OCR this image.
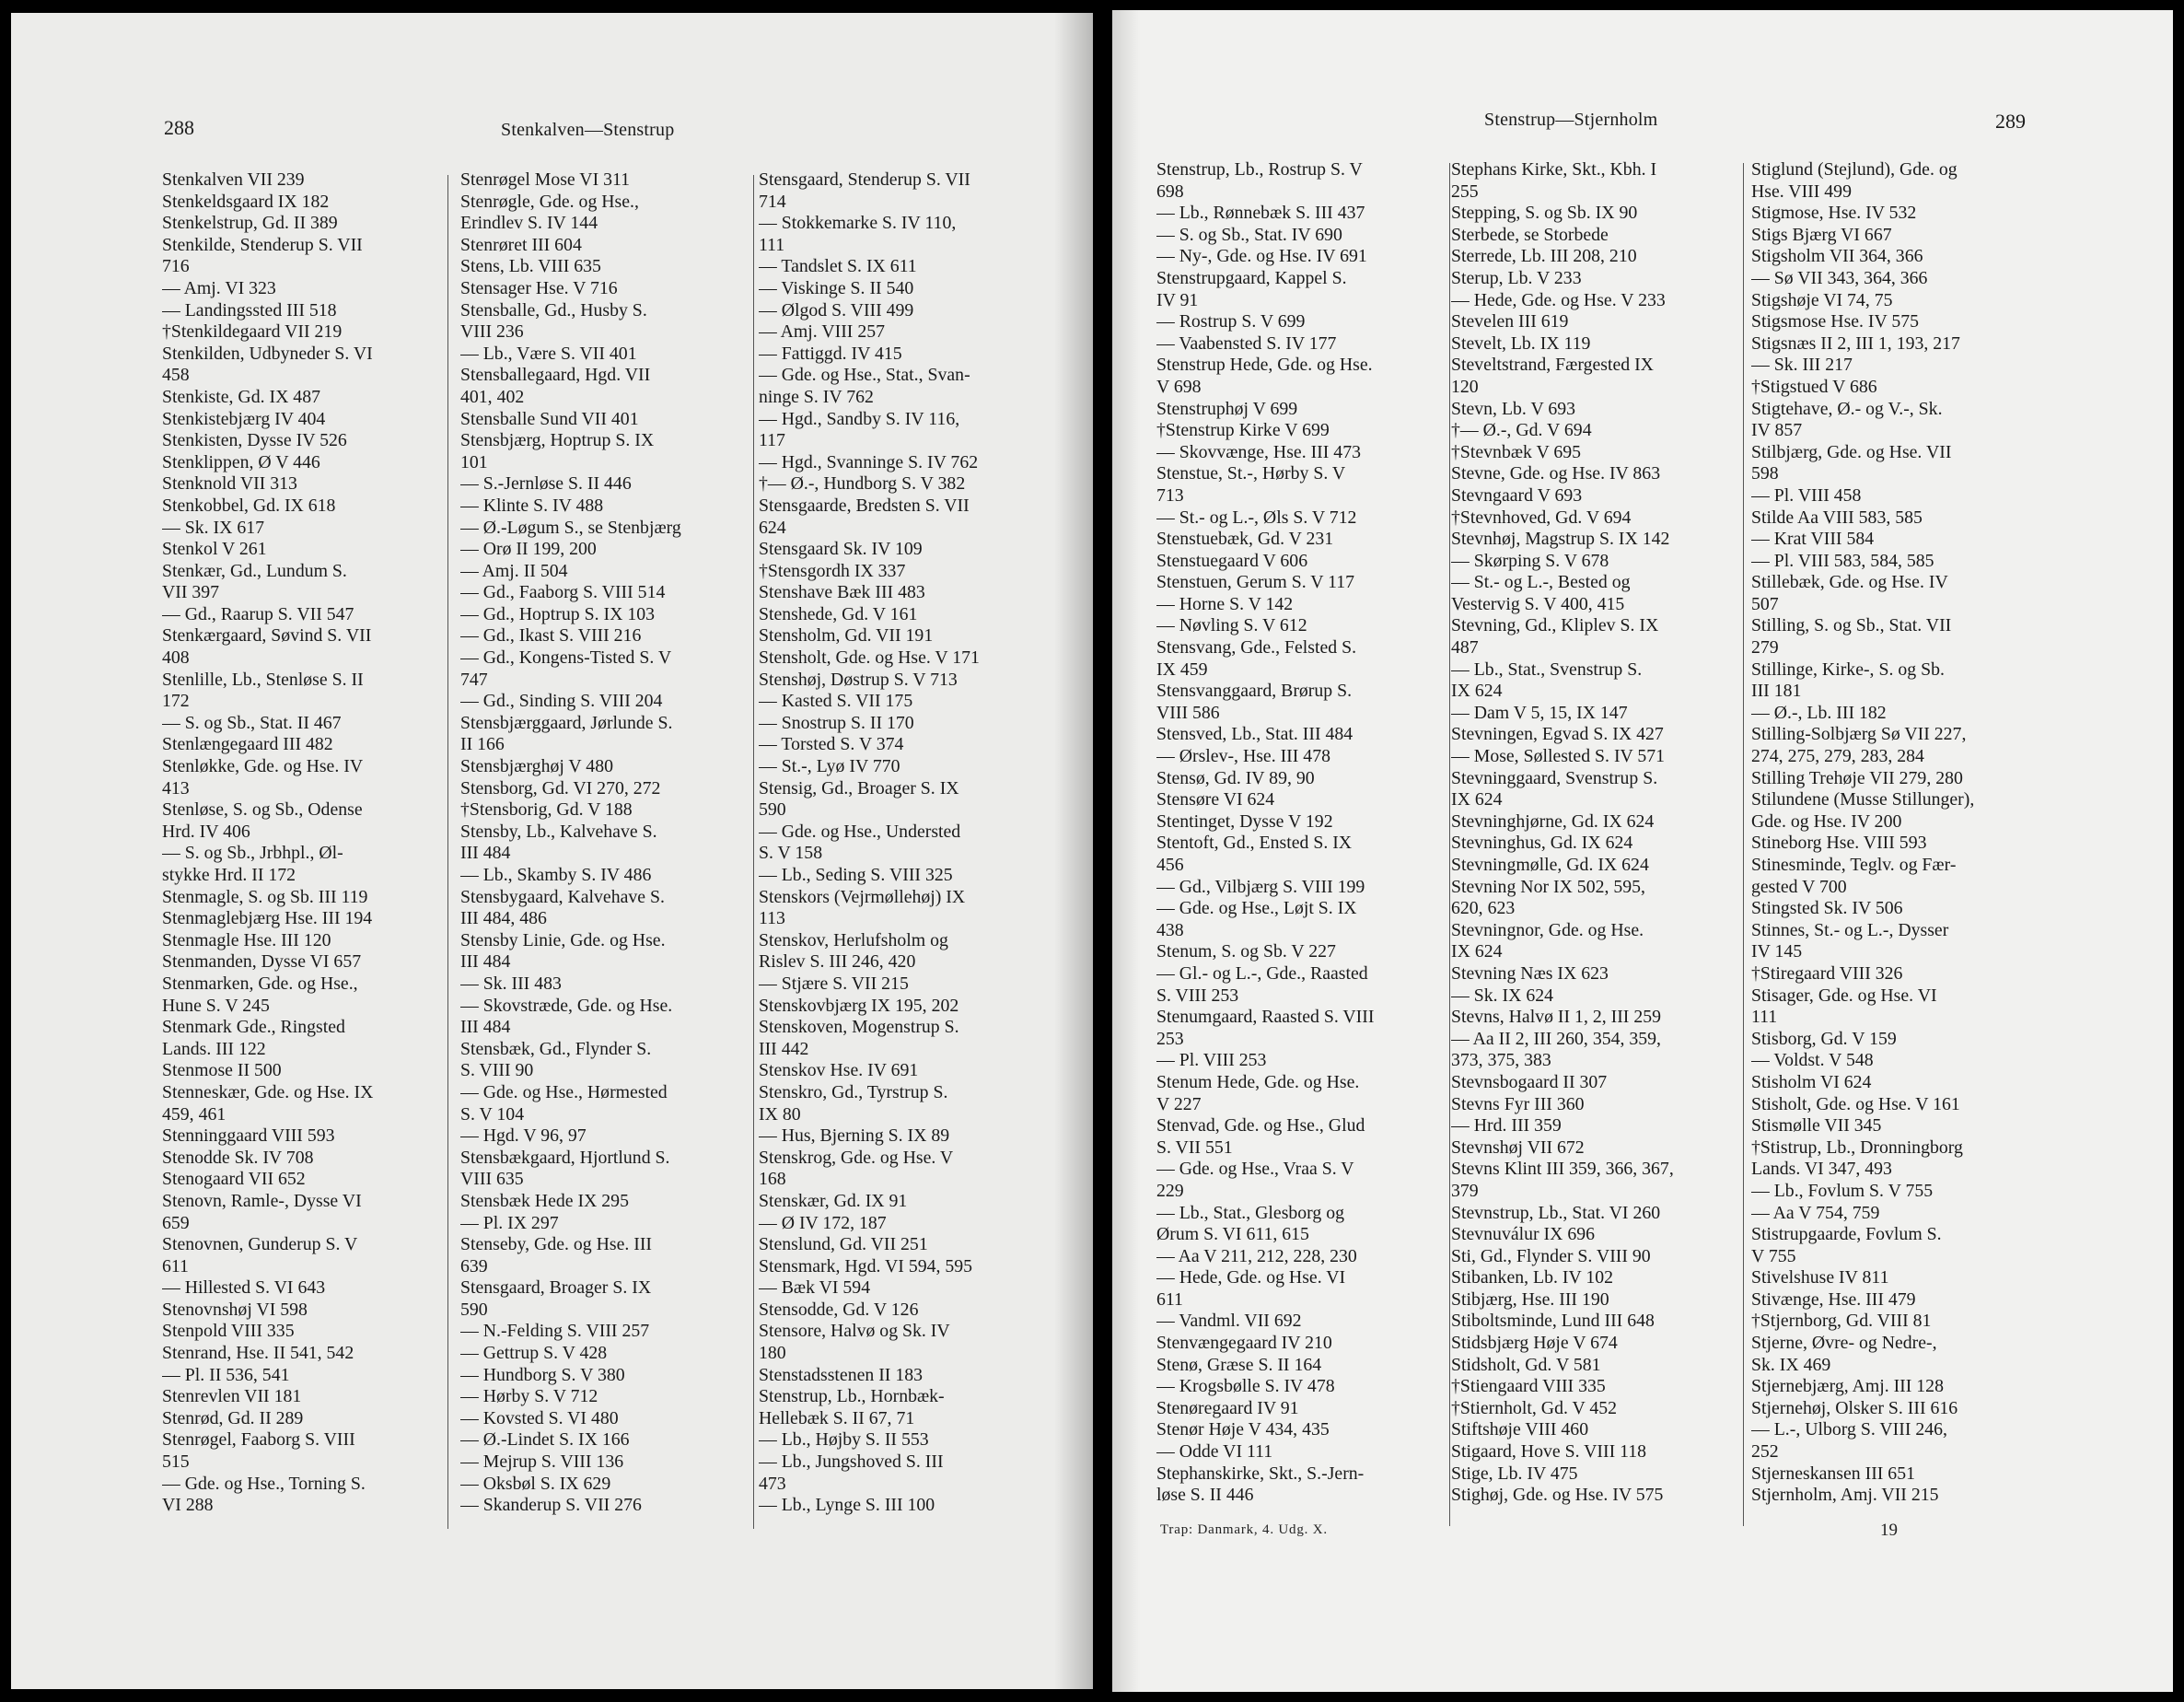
288	Stenkalven—Stenstrup
Stenkalven VII 239
Stenkeldsgaard IX 182
Stenkelstrup, Gd. II 389
Stenkilde, Stenderup S. VII
716
— Amj. VI 323
— Landingssted III 518
†Stenkildegaard VII 219
Stenkilden, Udbyneder S. VI
458
Stenkiste, Gd. IX 487
Stenkistebjærg IV 404
Stenkisten, Dysse IV 526
Stenklippen, Ø V 446
Stenknold VII 313
Stenkobbel, Gd. IX 618
— Sk. IX 617
Stenkol V 261
Stenkær, Gd., Lundum S.
VII 397
— Gd., Raarup S. VII 547
Stenkærgaard, Søvind S. VII
408
Stenlille, Lb., Stenløse S. II
172
— S. og Sb., Stat. II 467
Stenlængegaard III 482
Stenløkke, Gde. og Hse. IV
413
Stenløse, S. og Sb., Odense
Hrd. IV 406
— S. og Sb., Jrbhpl., Øl-
stykke Hrd. II 172
Stenmagle, S. og Sb. III 119
Stenmaglebjærg Hse. III 194
Stenmagle Hse. III 120
Stenmanden, Dysse VI 657
Stenmarken, Gde. og Hse.,
Hune S. V 245
Stenmark Gde., Ringsted
Lands. III 122
Stenmose II 500
Stenneskær, Gde. og Hse. IX
459, 461
Stenninggaard VIII 593
Stenodde Sk. IV 708
Stenogaard VII 652
Stenovn, Ramle-, Dysse VI
659
Stenovnen, Gunderup S. V
611
— Hillested S. VI 643
Stenovnshøj VI 598
Stenpold VIII 335
Stenrand, Hse. II 541, 542
— Pl. II 536, 541
Stenrevlen VII 181
Stenrød, Gd. II 289
Stenrøgel, Faaborg S. VIII
515
— Gde. og Hse., Torning S.
VI 288
Stenrøgel Mose VI 311
Stenrøgle, Gde. og Hse.,
Erindlev S. IV 144
Stenrøret III 604
Stens, Lb. VIII 635
Stensager Hse. V 716
Stensballe, Gd., Husby S.
VIII 236
— Lb., Være S. VII 401
Stensballegaard, Hgd. VII
401, 402
Stensballe Sund VII 401
Stensbjærg, Hoptrup S. IX
101
— S.-Jernløse S. II 446
— Klinte S. IV 488
— Ø.-Løgum S., se Stenbjærg
— Orø II 199, 200
— Amj. II 504
— Gd., Faaborg S. VIII 514
— Gd., Hoptrup S. IX 103
— Gd., Ikast S. VIII 216
— Gd., Kongens-Tisted S. V
747
— Gd., Sinding S. VIII 204
Stensbjærggaard, Jørlunde S.
II 166
Stensbjærghøj V 480
Stensborg, Gd. VI 270, 272
†Stensborig, Gd. V 188
Stensby, Lb., Kalvehave S.
III 484
— Lb., Skamby S. IV 486
Stensbygaard, Kalvehave S.
III 484, 486
Stensby Linie, Gde. og Hse.
III 484
— Sk. III 483
— Skovstræde, Gde. og Hse.
III 484
Stensbæk, Gd., Flynder S.
S. VIII 90
— Gde. og Hse., Hørmested
S. V 104
— Hgd. V 96, 97
Stensbækgaard, Hjortlund S.
VIII 635
Stensbæk Hede IX 295
— Pl. IX 297
Stenseby, Gde. og Hse. III
639
Stensgaard, Broager S. IX
590
— N.-Felding S. VIII 257
— Gettrup S. V 428
— Hundborg S. V 380
— Hørby S. V 712
— Kovsted S. VI 480
— Ø.-Lindet S. IX 166
— Mejrup S. VIII 136
— Oksbøl S. IX 629
— Skanderup S. VII 276
Stensgaard, Stenderup S. VII
714
— Stokkemarke S. IV 110,
111
— Tandslet S. IX 611
— Viskinge S. II 540
— Ølgod S. VIII 499
— Amj. VIII 257
— Fattiggd. IV 415
— Gde. og Hse., Stat., Svan-
ninge S. IV 762
— Hgd., Sandby S. IV 116,
117
— Hgd., Svanninge S. IV 762
†— Ø.-, Hundborg S. V 382
Stensgaarde, Bredsten S. VII
624
Stensgaard Sk. IV 109
†Stensgordh IX 337
Stenshave Bæk III 483
Stenshede, Gd. V 161
Stensholm, Gd. VII 191
Stensholt, Gde. og Hse. V 171
Stenshøj, Døstrup S. V 713
— Kasted S. VII 175
— Snostrup S. II 170
— Torsted S. V 374
— St.-, Lyø IV 770
Stensig, Gd., Broager S. IX
590
— Gde. og Hse., Understed
S. V 158
— Lb., Seding S. VIII 325
Stenskors (Vejrmøllehøj) IX
113
Stenskov, Herlufsholm og
Rislev S. III 246, 420
— Stjære S. VII 215
Stenskovbjærg IX 195, 202
Stenskoven, Mogenstrup S.
III 442
Stenskov Hse. IV 691
Stenskro, Gd., Tyrstrup S.
IX 80
— Hus, Bjerning S. IX 89
Stenskrog, Gde. og Hse. V
168
Stenskær, Gd. IX 91
— Ø IV 172, 187
Stenslund, Gd. VII 251
Stensmark, Hgd. VI 594, 595
— Bæk VI 594
Stensodde, Gd. V 126
Stensore, Halvø og Sk. IV
180
Stenstadsstenen II 183
Stenstrup, Lb., Hornbæk-
Hellebæk S. II 67, 71
— Lb., Højby S. II 553
— Lb., Jungshoved S. III
473
— Lb., Lynge S. III 100
Stenstrup—Stjernholm	289
Stenstrup, Lb., Rostrup S. V
698
— Lb., Rønnebæk S. III 437
— S. og Sb., Stat. IV 690
— Ny-, Gde. og Hse. IV 691
Stenstrupgaard, Kappel S.
IV 91
— Rostrup S. V 699
— Vaabensted S. IV 177
Stenstrup Hede, Gde. og Hse.
V 698
Stenstruphøj V 699
†Stenstrup Kirke V 699
— Skovvænge, Hse. III 473
Stenstue, St.-, Hørby S. V
713
— St.- og L.-, Øls S. V 712
Stenstuebæk, Gd. V 231
Stenstuegaard V 606
Stenstuen, Gerum S. V 117
— Horne S. V 142
— Nøvling S. V 612
Stensvang, Gde., Felsted S.
IX 459
Stensvanggaard, Brørup S.
VIII 586
Stensved, Lb., Stat. III 484
— Ørslev-, Hse. III 478
Stensø, Gd. IV 89, 90
Stensøre VI 624
Stentinget, Dysse V 192
Stentoft, Gd., Ensted S. IX
456
— Gd., Vilbjærg S. VIII 199
— Gde. og Hse., Løjt S. IX
438
Stenum, S. og Sb. V 227
— Gl.- og L.-, Gde., Raasted
S. VIII 253
Stenumgaard, Raasted S. VIII
253
— Pl. VIII 253
Stenum Hede, Gde. og Hse.
V 227
Stenvad, Gde. og Hse., Glud
S. VII 551
— Gde. og Hse., Vraa S. V
229
— Lb., Stat., Glesborg og
Ørum S. VI 611, 615
— Aa V 211, 212, 228, 230
— Hede, Gde. og Hse. VI
611
— Vandml. VII 692
Stenvængegaard IV 210
Stenø, Græse S. II 164
— Krogsbølle S. IV 478
Stenøregaard IV 91
Stenør Høje V 434, 435
— Odde VI 111
Stephanskirke, Skt., S.-Jern-
løse S. II 446
Stephans Kirke, Skt., Kbh. I
255
Stepping, S. og Sb. IX 90
Sterbede, se Storbede
Sterrede, Lb. III 208, 210
Sterup, Lb. V 233
— Hede, Gde. og Hse. V 233
Stevelen III 619
Stevelt, Lb. IX 119
Steveltstrand, Færgested IX
120
Stevn, Lb. V 693
†— Ø.-, Gd. V 694
†Stevnbæk V 695
Stevne, Gde. og Hse. IV 863
Stevngaard V 693
†Stevnhoved, Gd. V 694
Stevnhøj, Magstrup S. IX 142
— Skørping S. V 678
— St.- og L.-, Bested og
Vestervig S. V 400, 415
Stevning, Gd., Kliplev S. IX
487
— Lb., Stat., Svenstrup S.
IX 624
— Dam V 5, 15, IX 147
Stevningen, Egvad S. IX 427
— Mose, Søllested S. IV 571
Stevninggaard, Svenstrup S.
IX 624
Stevninghjørne, Gd. IX 624
Stevninghus, Gd. IX 624
Stevningmølle, Gd. IX 624
Stevning Nor IX 502, 595,
620, 623
Stevningnor, Gde. og Hse.
IX 624
Stevning Næs IX 623
— Sk. IX 624
Stevns, Halvø II 1, 2, III 259
— Aa II 2, III 260, 354, 359,
373, 375, 383
Stevnsbogaard II 307
Stevns Fyr III 360
— Hrd. III 359
Stevnshøj VII 672
Stevns Klint III 359, 366, 367,
379
Stevnstrup, Lb., Stat. VI 260
Stevnuválur IX 696
Sti, Gd., Flynder S. VIII 90
Stibanken, Lb. IV 102
Stibjærg, Hse. III 190
Stiboltsminde, Lund III 648
Stidsbjærg Høje V 674
Stidsholt, Gd. V 581
†Stiengaard VIII 335
†Stiernholt, Gd. V 452
Stiftshøje VIII 460
Stigaard, Hove S. VIII 118
Stige, Lb. IV 475
Stighøj, Gde. og Hse. IV 575
Stiglund (Stejlund), Gde. og
Hse. VIII 499
Stigmose, Hse. IV 532
Stigs Bjærg VI 667
Stigsholm VII 364, 366
— Sø VII 343, 364, 366
Stigshøje VI 74, 75
Stigsmose Hse. IV 575
Stigsnæs II 2, III 1, 193, 217
— Sk. III 217
†Stigstued V 686
Stigtehave, Ø.- og V.-, Sk.
IV 857
Stilbjærg, Gde. og Hse. VII
598
— Pl. VIII 458
Stilde Aa VIII 583, 585
— Krat VIII 584
— Pl. VIII 583, 584, 585
Stillebæk, Gde. og Hse. IV
507
Stilling, S. og Sb., Stat. VII
279
Stillinge, Kirke-, S. og Sb.
III 181
— Ø.-, Lb. III 182
Stilling-Solbjærg Sø VII 227,
274, 275, 279, 283, 284
Stilling Trehøje VII 279, 280
Stilundene (Musse Stillunger),
Gde. og Hse. IV 200
Stineborg Hse. VIII 593
Stinesminde, Teglv. og Fær-
gested V 700
Stingsted Sk. IV 506
Stinnes, St.- og L.-, Dysser
IV 145
†Stiregaard VIII 326
Stisager, Gde. og Hse. VI
111
Stisborg, Gd. V 159
— Voldst. V 548
Stisholm VI 624
Stisholt, Gde. og Hse. V 161
Stismølle VII 345
†Stistrup, Lb., Dronningborg
Lands. VI 347, 493
— Lb., Fovlum S. V 755
— Aa V 754, 759
Stistrupgaarde, Fovlum S.
V 755
Stivelshuse IV 811
Stivænge, Hse. III 479
†Stjernborg, Gd. VIII 81
Stjerne, Øvre- og Nedre-,
Sk. IX 469
Stjernebjærg, Amj. III 128
Stjernehøj, Olsker S. III 616
— L.-, Ulborg S. VIII 246,
252
Stjerneskansen III 651
Stjernholm, Amj. VII 215
Trap: Danmark, 4. Udg. X.	19
